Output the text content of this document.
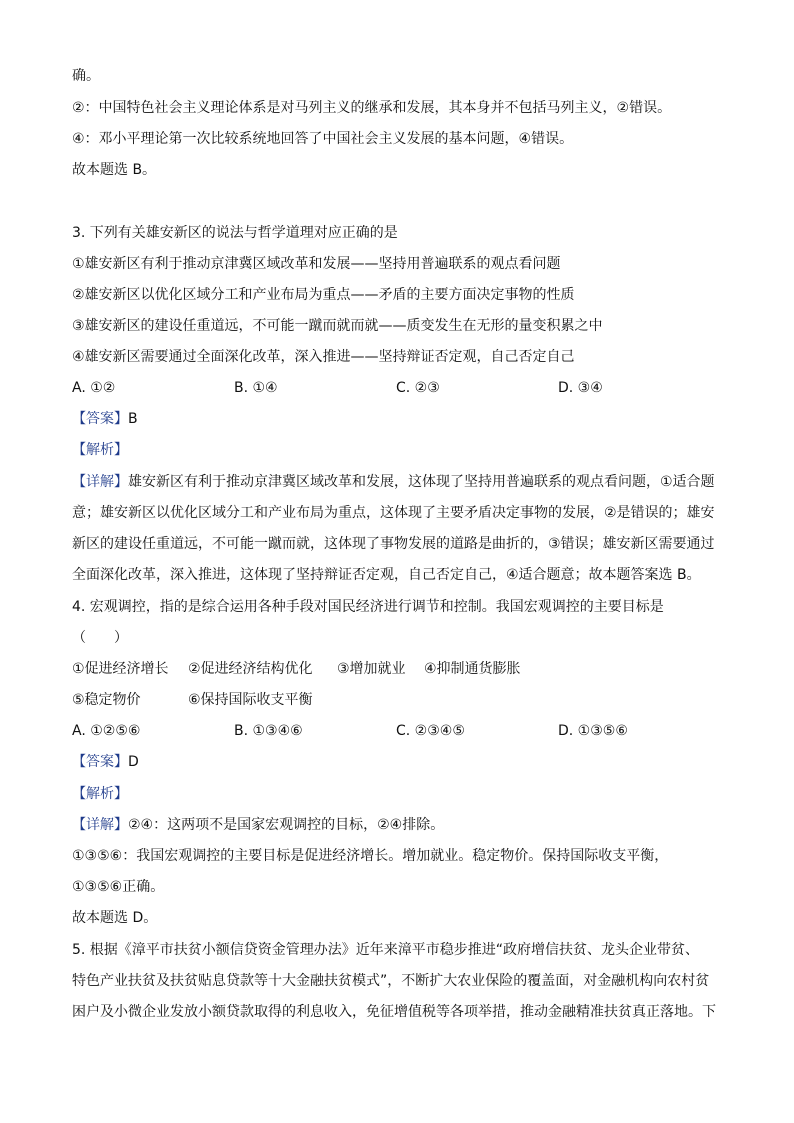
确。
②：中国特色社会主义理论体系是对马列主义的继承和发展，其本身并不包括马列主义，②错误。
④：邓小平理论第一次比较系统地回答了中国社会主义发展的基本问题，④错误。
故本题选 B。
3. 下列有关雄安新区的说法与哲学道理对应正确的是
①雄安新区有利于推动京津冀区域改革和发展——坚持用普遍联系的观点看问题
②雄安新区以优化区域分工和产业布局为重点——矛盾的主要方面决定事物的性质
③雄安新区的建设任重道远，不可能一蹴而就而就——质变发生在无形的量变积累之中
④雄安新区需要通过全面深化改革，深入推进——坚持辩证否定观，自己否定自己
A. ①②	B. ①④	C. ②③	D. ③④
【答案】B
【解析】
【详解】雄安新区有利于推动京津冀区域改革和发展，这体现了坚持用普遍联系的观点看问题，①适合题
意；雄安新区以优化区域分工和产业布局为重点，这体现了主要矛盾决定事物的发展，②是错误的；雄安
新区的建设任重道远，不可能一蹴而就，这体现了事物发展的道路是曲折的，③错误；雄安新区需要通过
全面深化改革，深入推进，这体现了坚持辩证否定观，自己否定自己，④适合题意；故本题答案选 B。
4. 宏观调控，指的是综合运用各种手段对国民经济进行调节和控制。我国宏观调控的主要目标是
（　　）
①促进经济增长 ②促进经济结构优化 ③增加就业 ④抑制通货膨胀
⑤稳定物价	⑥保持国际收支平衡
A. ①②⑤⑥	B. ①③④⑥	C. ②③④⑤	D. ①③⑤⑥
【答案】D
【解析】
【详解】②④：这两项不是国家宏观调控的目标，②④排除。
①③⑤⑥：我国宏观调控的主要目标是促进经济增长。增加就业。稳定物价。保持国际收支平衡，
①③⑤⑥正确。
故本题选 D。
5. 根据《漳平市扶贫小额信贷资金管理办法》近年来漳平市稳步推进“政府增信扶贫、龙头企业带贫、
特色产业扶贫及扶贫贴息贷款等十大金融扶贫模式”，不断扩大农业保险的覆盖面，对金融机构向农村贫
困户及小微企业发放小额贷款取得的利息收入，免征增值税等各项举措，推动金融精准扶贫真正落地。下
